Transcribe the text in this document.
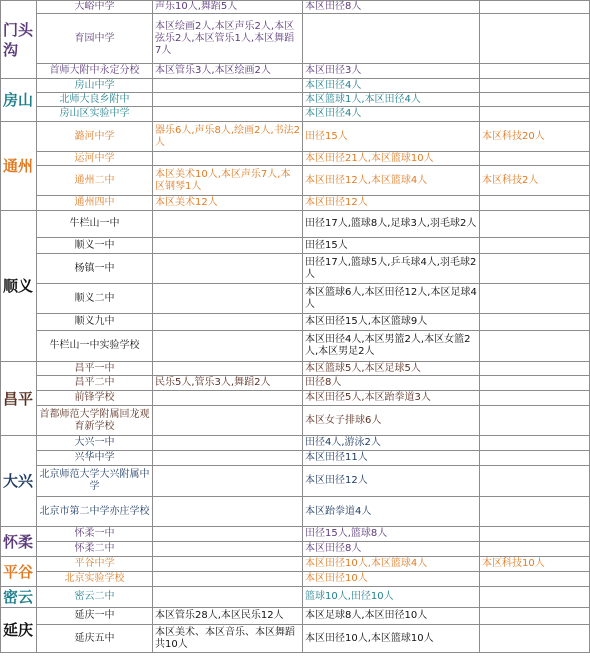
门头沟	大峪中学	声乐10人,舞蹈5人	本区田径8人	
	育园中学	本区绘画2人,本区声乐2人,本区弦乐2人,本区管乐1人,本区舞蹈7人		
	首师大附中永定分校	本区管乐3人,本区绘画2人	本区田径3人	
房山	房山中学		本区田径4人	
	北师大良乡附中		本区篮球1人,本区田径4人	
	房山区实验中学		本区田径4人	
通州	潞河中学	器乐6人,声乐8人,绘画2人,书法2人	田径15人	本区科技20人
	运河中学		本区田径21人,本区篮球10人	
	通州二中	本区美术10人,本区声乐7人,本区钢琴1人	本区田径12人,本区篮球4人	本区科技2人
	通州四中	本区美术12人	本区田径12人	
顺义	牛栏山一中		田径17人,篮球8人,足球3人,羽毛球2人	
	顺义一中		田径15人	
	杨镇一中		田径17人,篮球5人,乒乓球4人,羽毛球2人	
	顺义二中		本区篮球6人,本区田径12人,本区足球4人	
	顺义九中		本区田径15人,本区篮球9人	
	牛栏山一中实验学校		本区田径4人,本区男篮2人,本区女篮2人,本区男足2人	
昌平	昌平一中		本区篮球5人,本区足球5人	
	昌平二中	民乐5人,管乐3人,舞蹈2人	田径8人	
	前锋学校		本区田径5人,本区跆拳道3人	
	首都师范大学附属回龙观育新学校		本区女子排球6人	
大兴	大兴一中		田径4人,游泳2人	
	兴华中学		本区田径11人	
	北京师范大学大兴附属中学		本区田径12人	
	北京市第二中学亦庄学校		本区跆拳道4人	
怀柔	怀柔一中		田径15人,篮球8人	
	怀柔二中		本区田径8人	
平谷	平谷中学		本区田径10人,本区篮球4人	本区科技10人
	北京实验学校		本区田径10人	
密云	密云二中		篮球10人,田径10人	
延庆	延庆一中	本区管乐28人,本区民乐12人	本区足球8人,本区田径10人	
	延庆五中	本区美术、本区音乐、本区舞蹈共10人	本区田径10人,本区篮球10人	
